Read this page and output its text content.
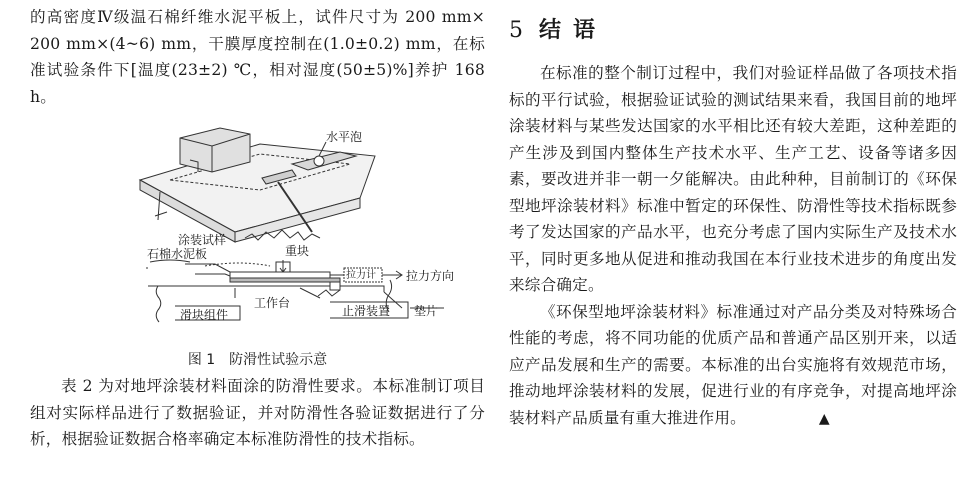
的高密度Ⅳ级温石棉纤维水泥平板上，试件尺寸为 200 mm× 200 mm×(4~6) mm，干膜厚度控制在(1.0±0.2) mm，在标准试验条件下[温度(23±2) ℃，相对湿度(50±5)%]养护 168 h。

水平泡
涂装试样
石棉水泥板	重块
拉力计	拉力方向
工作台
滑块组件	止滑装置 垫片
图 1 防滑性试验示意

表 2 为对地坪涂装材料面涂的防滑性要求。本标准制订项目组对实际样品进行了数据验证，并对防滑性各验证数据进行了分析，根据验证数据合格率确定本标准防滑性的技术指标。

5 结语

在标准的整个制订过程中，我们对验证样品做了各项技术指标的平行试验，根据验证试验的测试结果来看，我国目前的地坪涂装材料与某些发达国家的水平相比还有较大差距，这种差距的产生涉及到国内整体生产技术水平、生产工艺、设备等诸多因素，要改进并非一朝一夕能解决。由此种种，目前制订的《环保型地坪涂装材料》标准中暂定的环保性、防滑性等技术指标既参考了发达国家的产品水平，也充分考虑了国内实际生产及技术水平，同时更多地从促进和推动我国在本行业技术进步的角度出发来综合确定。

《环保型地坪涂装材料》标准通过对产品分类及对特殊场合性能的考虑，将不同功能的优质产品和普通产品区别开来，以适应产品发展和生产的需要。本标准的出台实施将有效规范市场，推动地坪涂装材料的发展，促进行业的有序竞争，对提高地坪涂装材料产品质量有重大推进作用。	▲
